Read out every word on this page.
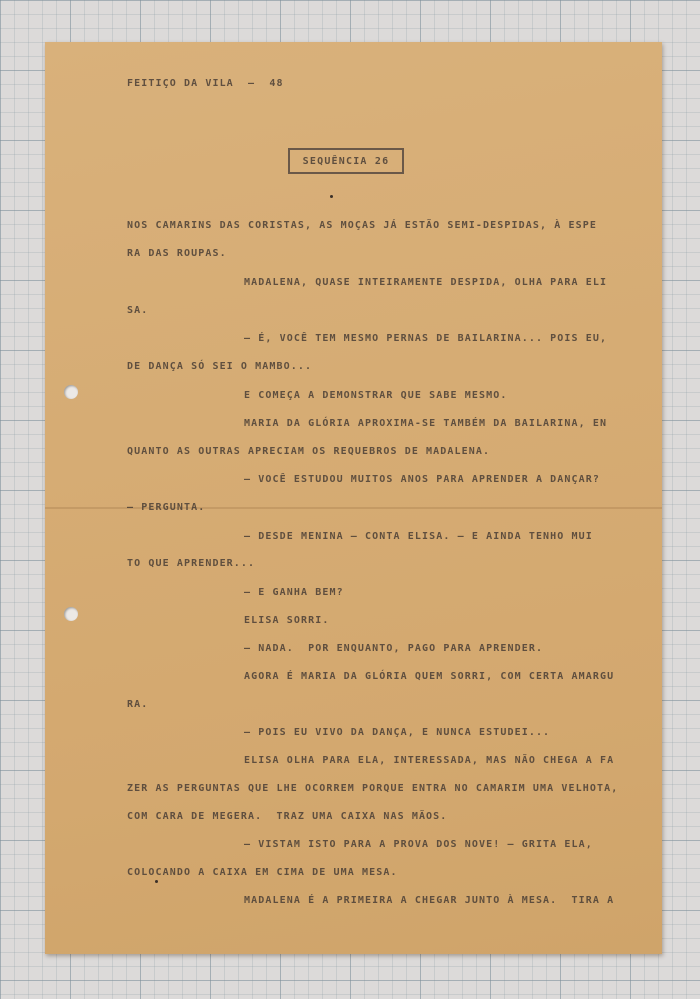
FEITIÇO DA VILA  —  48
SEQUÊNCIA 26
NOS CAMARINS DAS CORISTAS, AS MOÇAS JÁ ESTÃO SEMI-DESPIDAS, À ESPE
RA DAS ROUPAS.
MADALENA, QUASE INTEIRAMENTE DESPIDA, OLHA PARA ELI
SA.
— É, VOCÊ TEM MESMO PERNAS DE BAILARINA... POIS EU,
DE DANÇA SÓ SEI O MAMBO...
E COMEÇA A DEMONSTRAR QUE SABE MESMO.
MARIA DA GLÓRIA APROXIMA-SE TAMBÉM DA BAILARINA, EN
QUANTO AS OUTRAS APRECIAM OS REQUEBROS DE MADALENA.
— VOCÊ ESTUDOU MUITOS ANOS PARA APRENDER A DANÇAR?
— PERGUNTA.
— DESDE MENINA — CONTA ELISA. — E AINDA TENHO MUI
TO QUE APRENDER...
— E GANHA BEM?
ELISA SORRI.
— NADA.  POR ENQUANTO, PAGO PARA APRENDER.
AGORA É MARIA DA GLÓRIA QUEM SORRI, COM CERTA AMARGU
RA.
— POIS EU VIVO DA DANÇA, E NUNCA ESTUDEI...
ELISA OLHA PARA ELA, INTERESSADA, MAS NÃO CHEGA A FA
ZER AS PERGUNTAS QUE LHE OCORREM PORQUE ENTRA NO CAMARIM UMA VELHOTA,
COM CARA DE MEGERA.  TRAZ UMA CAIXA NAS MÃOS.
— VISTAM ISTO PARA A PROVA DOS NOVE! — GRITA ELA,
COLOCANDO A CAIXA EM CIMA DE UMA MESA.
MADALENA É A PRIMEIRA A CHEGAR JUNTO À MESA.  TIRA A
